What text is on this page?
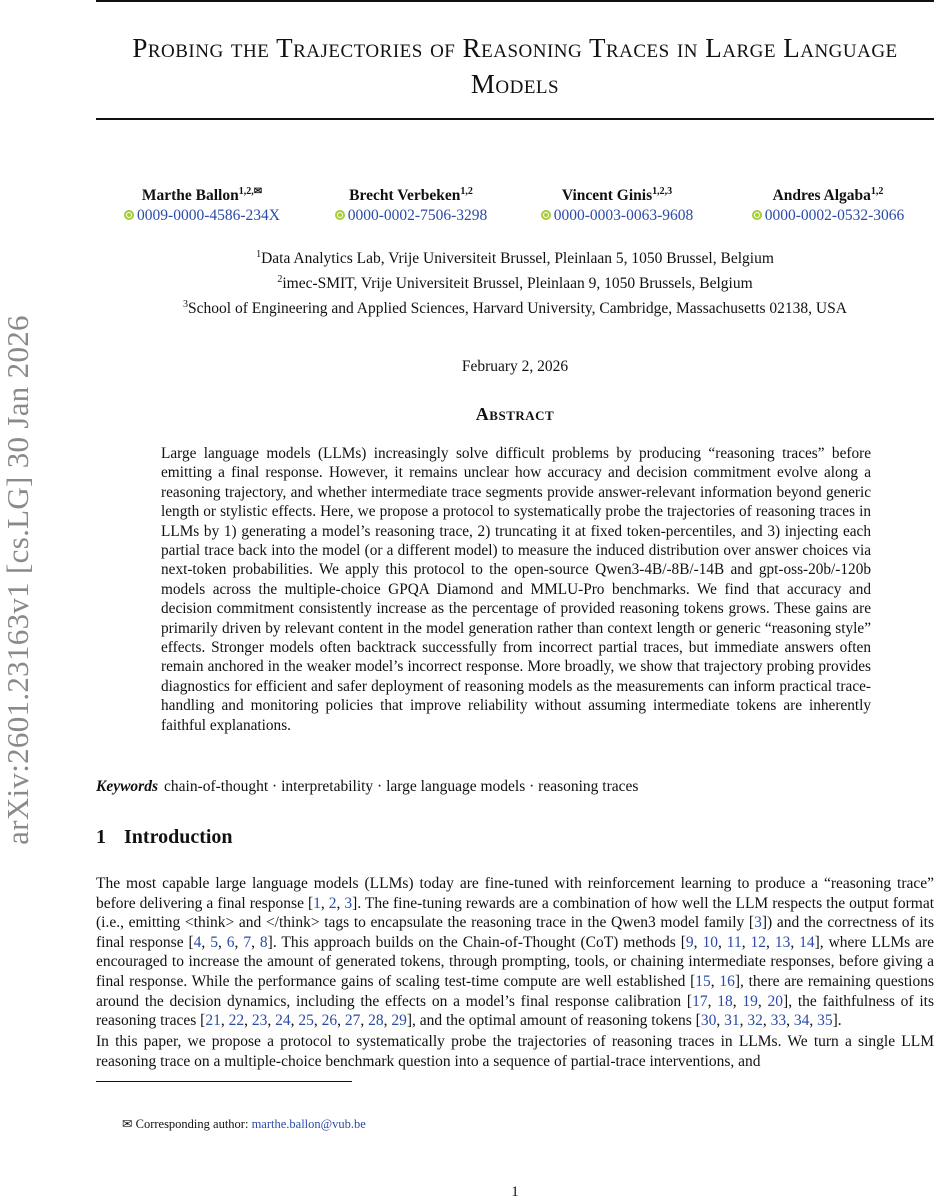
arXiv:2601.23163v1 [cs.LG] 30 Jan 2026
Probing the Trajectories of Reasoning Traces in Large Language Models
Marthe Ballon$^{1,2,✉}$
0009-0000-4586-234X
Brecht Verbeken$^{1,2}$
0000-0002-7506-3298
Vincent Ginis$^{1,2,3}$
0000-0003-0063-9608
Andres Algaba$^{1,2}$
0000-0002-0532-3066
$^1$Data Analytics Lab, Vrije Universiteit Brussel, Pleinlaan 5, 1050 Brussel, Belgium
$^2$imec-SMIT, Vrije Universiteit Brussel, Pleinlaan 9, 1050 Brussels, Belgium
$^3$School of Engineering and Applied Sciences, Harvard University, Cambridge, Massachusetts 02138, USA
February 2, 2026
Abstract
Large language models (LLMs) increasingly solve difficult problems by producing “reasoning traces” before emitting a final response. However, it remains unclear how accuracy and decision commitment evolve along a reasoning trajectory, and whether intermediate trace segments provide answer-relevant information beyond generic length or stylistic effects. Here, we propose a protocol to systematically probe the trajectories of reasoning traces in LLMs by 1) generating a model’s reasoning trace, 2) truncating it at fixed token-percentiles, and 3) injecting each partial trace back into the model (or a different model) to measure the induced distribution over answer choices via next-token probabilities. We apply this protocol to the open-source Qwen3-4B/-8B/-14B and gpt-oss-20b/-120b models across the multiple-choice GPQA Diamond and MMLU-Pro benchmarks. We find that accuracy and decision commitment consistently increase as the percentage of provided reasoning tokens grows. These gains are primarily driven by relevant content in the model generation rather than context length or generic “reasoning style” effects. Stronger models often backtrack successfully from incorrect partial traces, but immediate answers often remain anchored in the weaker model’s incorrect response. More broadly, we show that trajectory probing provides diagnostics for efficient and safer deployment of reasoning models as the measurements can inform practical trace-handling and monitoring policies that improve reliability without assuming intermediate tokens are inherently faithful explanations.
Keywords chain-of-thought · interpretability · large language models · reasoning traces
1 Introduction
The most capable large language models (LLMs) today are fine-tuned with reinforcement learning to produce a “reasoning trace” before delivering a final response [1, 2, 3]. The fine-tuning rewards are a combination of how well the LLM respects the output format (i.e., emitting <think> and </think> tags to encapsulate the reasoning trace in the Qwen3 model family [3]) and the correctness of its final response [4, 5, 6, 7, 8]. This approach builds on the Chain-of-Thought (CoT) methods [9, 10, 11, 12, 13, 14], where LLMs are encouraged to increase the amount of generated tokens, through prompting, tools, or chaining intermediate responses, before giving a final response. While the performance gains of scaling test-time compute are well established [15, 16], there are remaining questions around the decision dynamics, including the effects on a model’s final response calibration [17, 18, 19, 20], the faithfulness of its reasoning traces [21, 22, 23, 24, 25, 26, 27, 28, 29], and the optimal amount of reasoning tokens [30, 31, 32, 33, 34, 35].
In this paper, we propose a protocol to systematically probe the trajectories of reasoning traces in LLMs. We turn a single LLM reasoning trace on a multiple-choice benchmark question into a sequence of partial-trace interventions, and
✉ Corresponding author: marthe.ballon@vub.be
1
